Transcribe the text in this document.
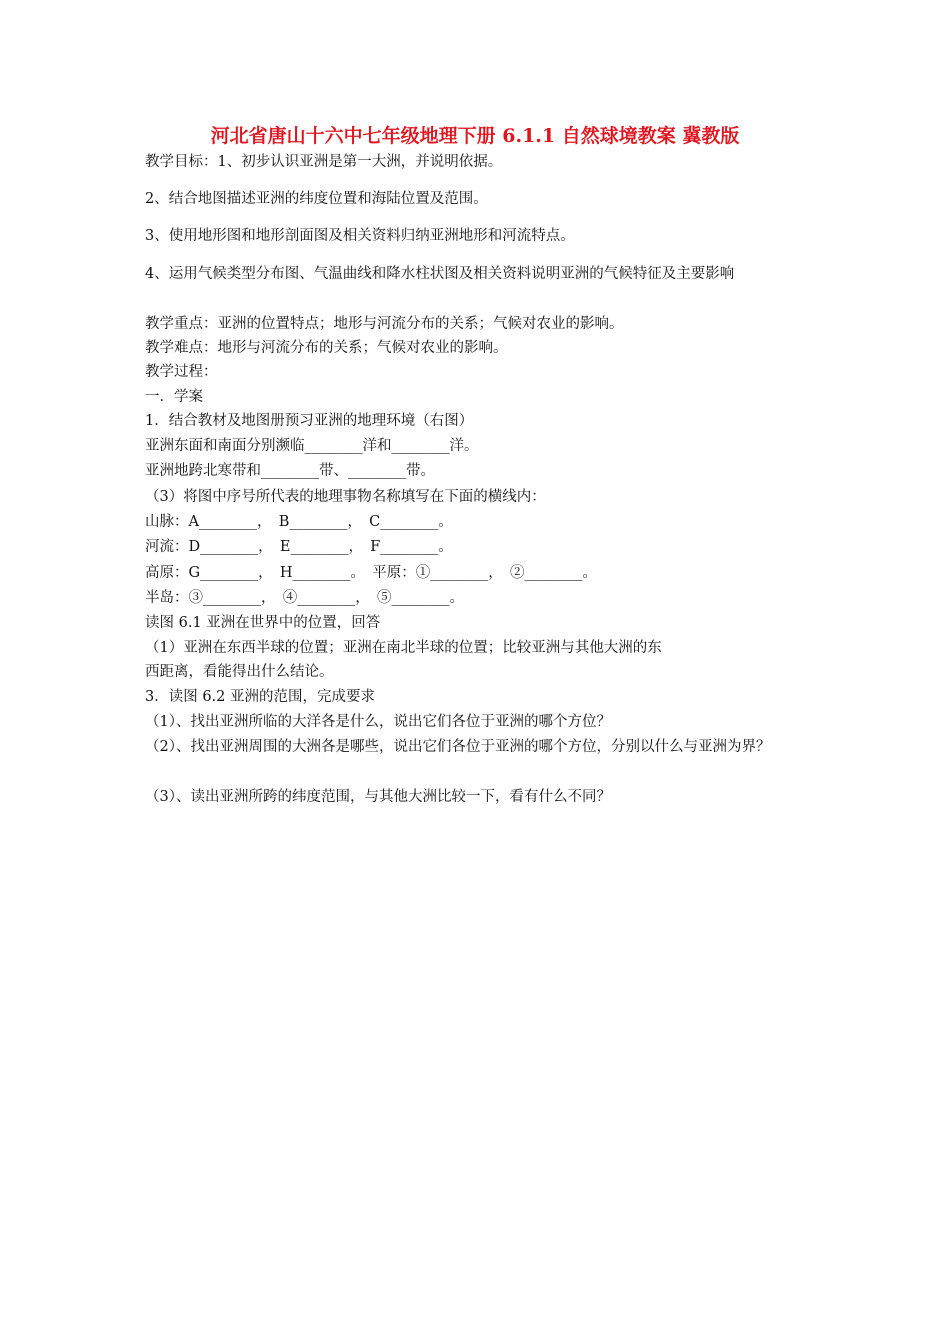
河北省唐山十六中七年级地理下册 6.1.1 自然球境教案 冀教版
教学目标：1、初步认识亚洲是第一大洲，并说明依据。
2、结合地图描述亚洲的纬度位置和海陆位置及范围。
3、使用地形图和地形剖面图及相关资料归纳亚洲地形和河流特点。
4、运用气候类型分布图、气温曲线和降水柱状图及相关资料说明亚洲的气候特征及主要影响
教学重点：亚洲的位置特点；地形与河流分布的关系；气候对农业的影响。
教学难点：地形与河流分布的关系；气候对农业的影响。
教学过程：
一．学案
1．结合教材及地图册预习亚洲的地理环境（右图）
亚洲东面和南面分别濒临________洋和________洋。
亚洲地跨北寒带和________带、________带。
（3）将图中序号所代表的地理事物名称填写在下面的横线内：
山脉：A________，　B________，　C________。
河流：D________，　E________，　F________。
高原：G________，　H________。　平原：①________，　②________。
半岛：③________，　④________，　⑤________。
读图 6.1 亚洲在世界中的位置，回答
（1）亚洲在东西半球的位置；亚洲在南北半球的位置；比较亚洲与其他大洲的东
西距离，看能得出什么结论。
3．读图 6.2 亚洲的范围，完成要求
（1）、找出亚洲所临的大洋各是什么，说出它们各位于亚洲的哪个方位？
（2）、找出亚洲周围的大洲各是哪些，说出它们各位于亚洲的哪个方位，分别以什么与亚洲为界？
（3）、读出亚洲所跨的纬度范围，与其他大洲比较一下，看有什么不同？
